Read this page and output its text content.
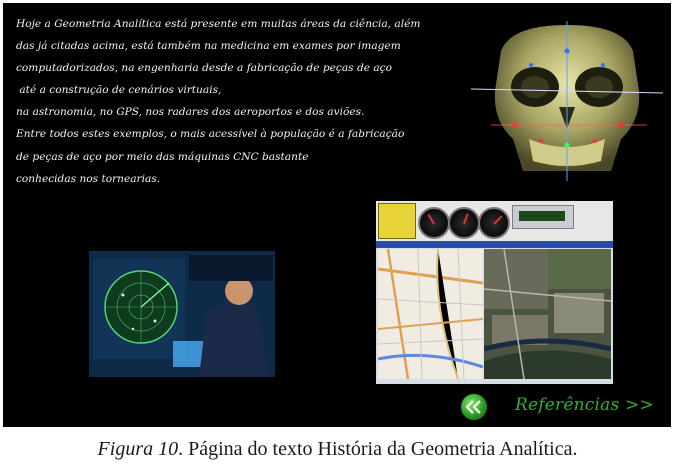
Hoje a Geometria Analítica está presente em muitas áreas da ciência, além
das já citadas acima, está também na medicina em exames por imagem
computadorizados, na engenharia desde a fabricação de peças de aço
até a construção de cenários virtuais,
na astronomia, no GPS, nos radares dos aeroportos e dos aviões.
Entre todos estes exemplos, o mais acessível à população é a fabricação
de peças de aço por meio das máquinas CNC bastante
conhecidas nos tornearias.
Referências >>

Figura 10. Página do texto História da Geometria Analítica.
